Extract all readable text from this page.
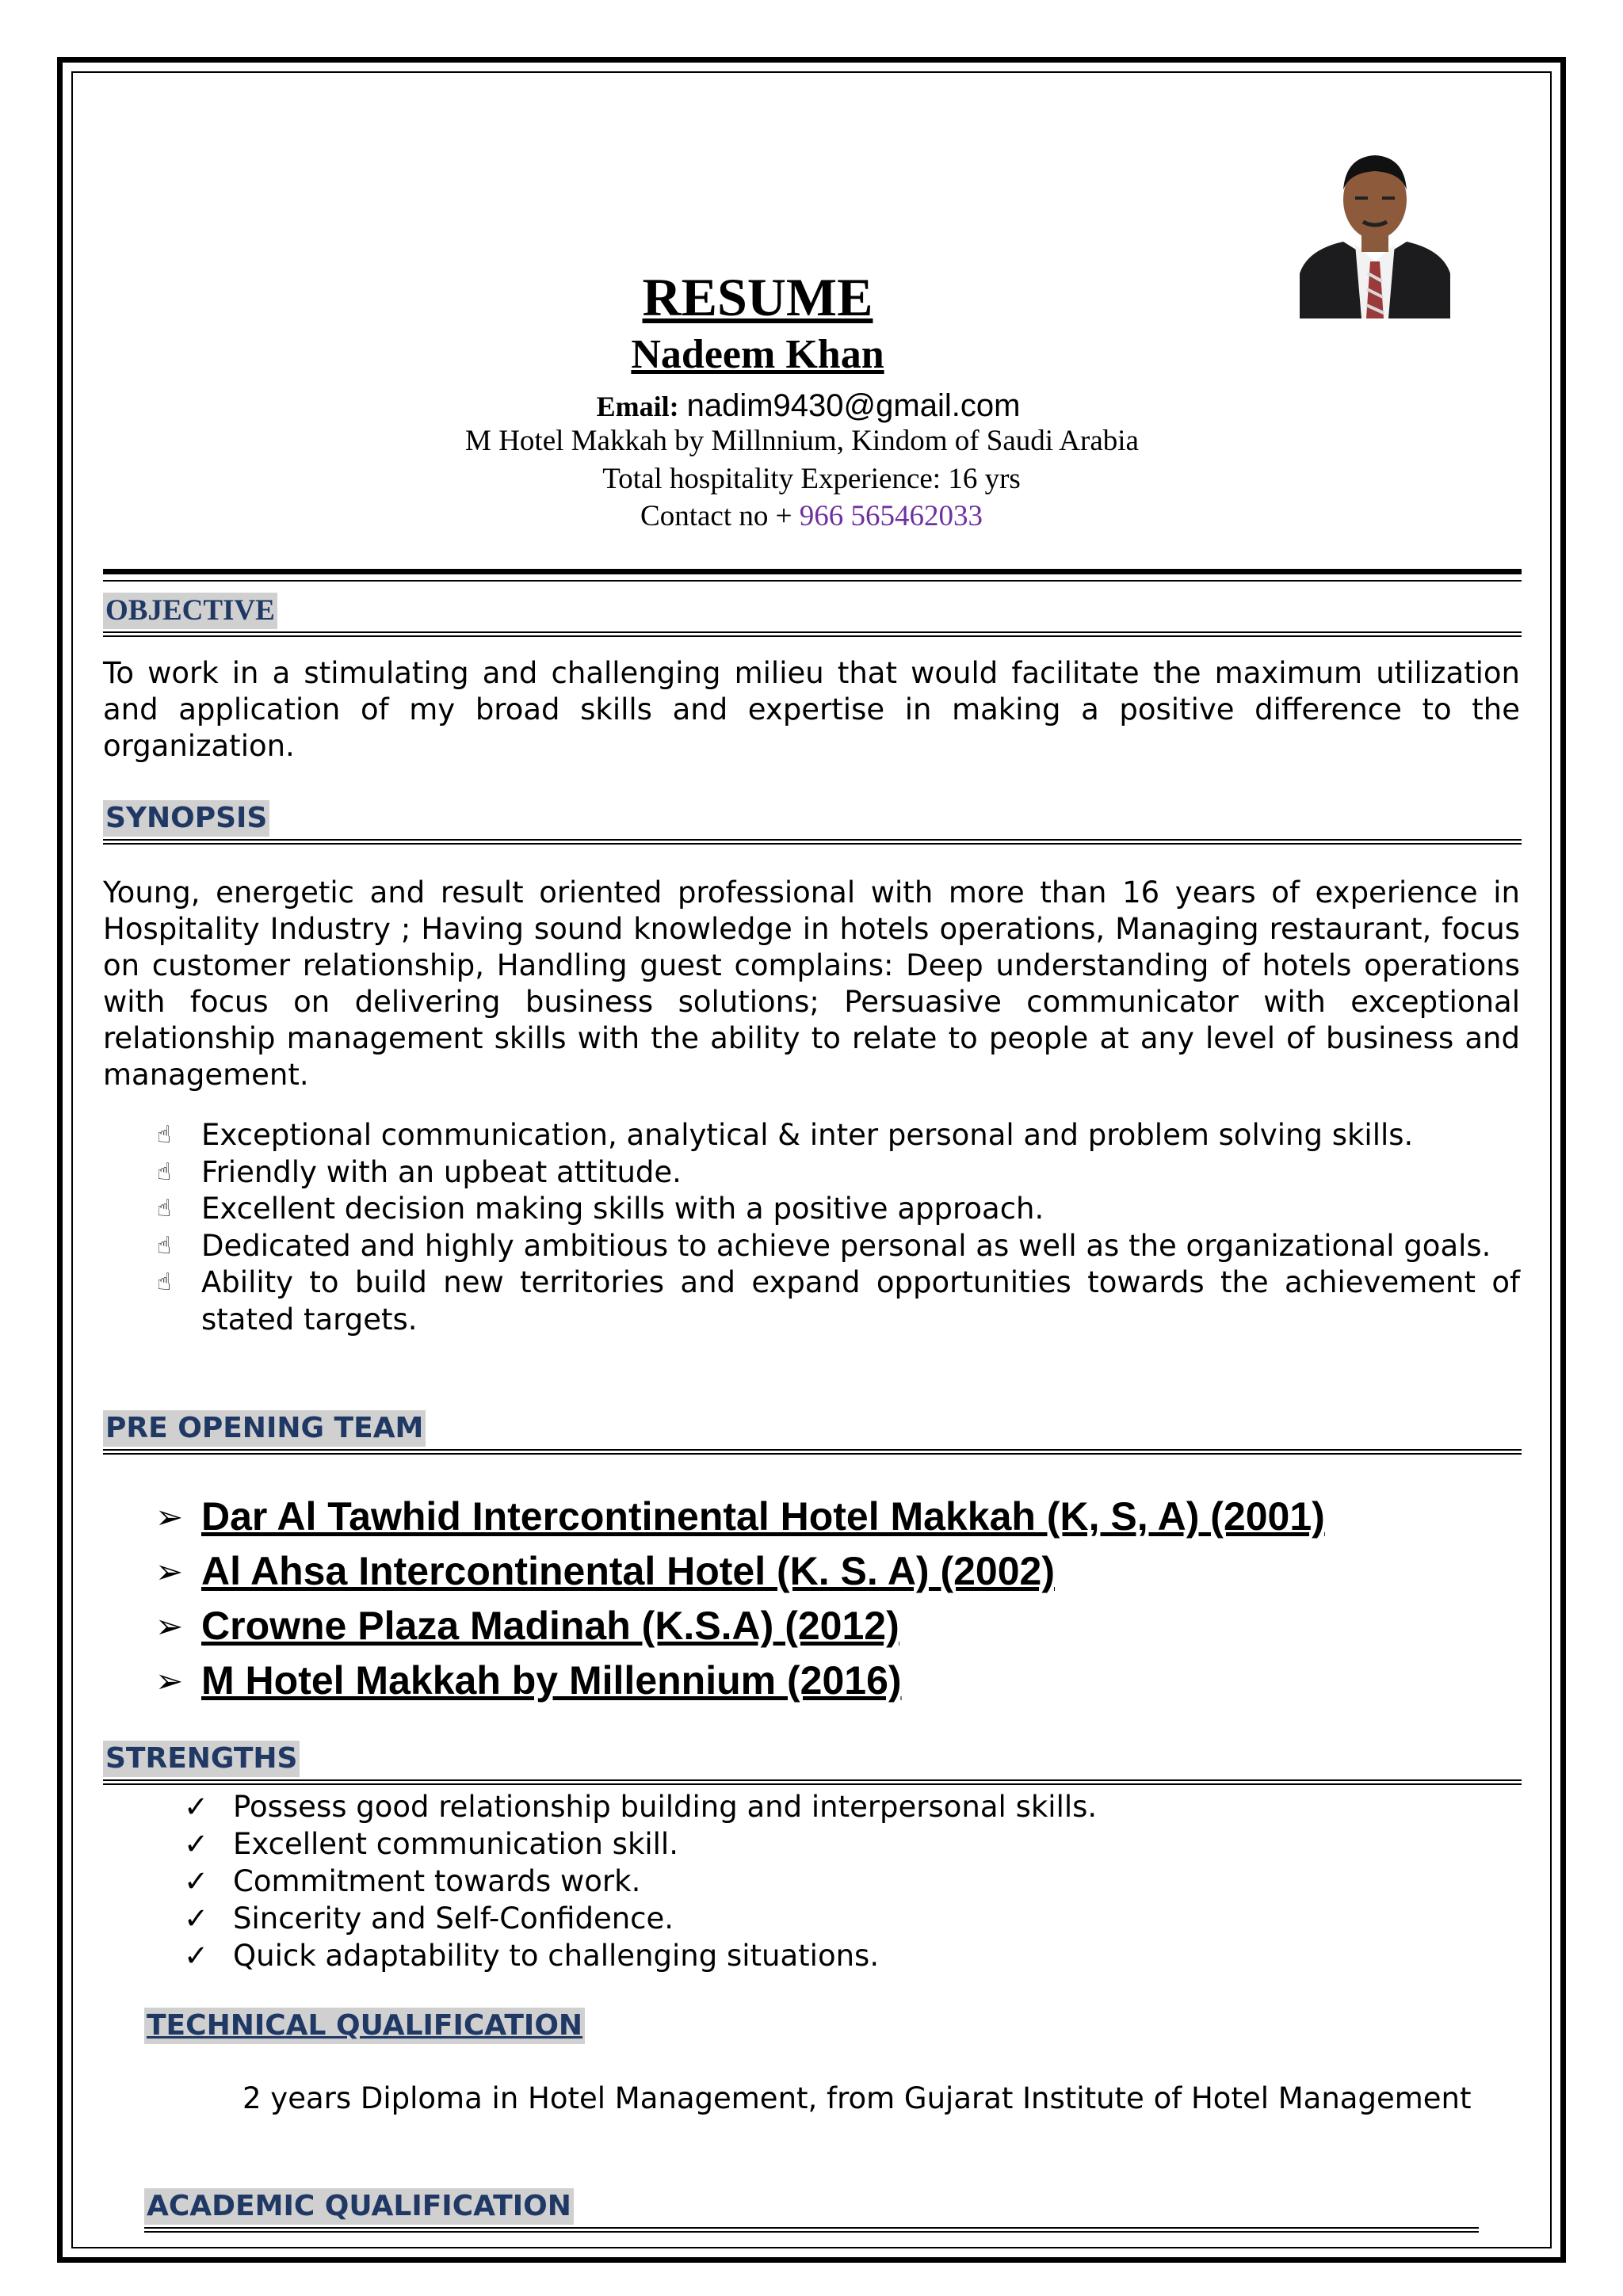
RESUME
Nadeem Khan
Email: nadim9430@gmail.com
M Hotel Makkah by Millnnium, Kindom of Saudi Arabia
Total hospitality Experience: 16 yrs
Contact no + 966 565462033
OBJECTIVE
To work in a stimulating and challenging milieu that would facilitate the maximum utilization and application of my broad skills and expertise in making a positive difference to the organization.
SYNOPSIS
Young, energetic and result oriented professional with more than 16 years of experience in Hospitality Industry ; Having sound knowledge in hotels operations, Managing restaurant, focus on customer relationship, Handling guest complains: Deep understanding of hotels operations with focus on delivering business solutions; Persuasive communicator with exceptional relationship management skills with the ability to relate to people at any level of business and management.
☝ Exceptional communication, analytical & inter personal and problem solving skills.
☝ Friendly with an upbeat attitude.
☝ Excellent decision making skills with a positive approach.
☝ Dedicated and highly ambitious to achieve personal as well as the organizational goals.
☝ Ability to build new territories and expand opportunities towards the achievement of stated targets.
PRE OPENING TEAM
➢ Dar Al Tawhid Intercontinental Hotel Makkah (K, S, A) (2001)
➢ Al Ahsa Intercontinental Hotel (K. S. A) (2002)
➢ Crowne Plaza Madinah (K.S.A) (2012)
➢ M Hotel Makkah by Millennium (2016)
STRENGTHS
✓ Possess good relationship building and interpersonal skills.
✓ Excellent communication skill.
✓ Commitment towards work.
✓ Sincerity and Self-Confidence.
✓ Quick adaptability to challenging situations.
TECHNICAL QUALIFICATION
2 years Diploma in Hotel Management, from Gujarat Institute of Hotel Management
ACADEMIC QUALIFICATION
